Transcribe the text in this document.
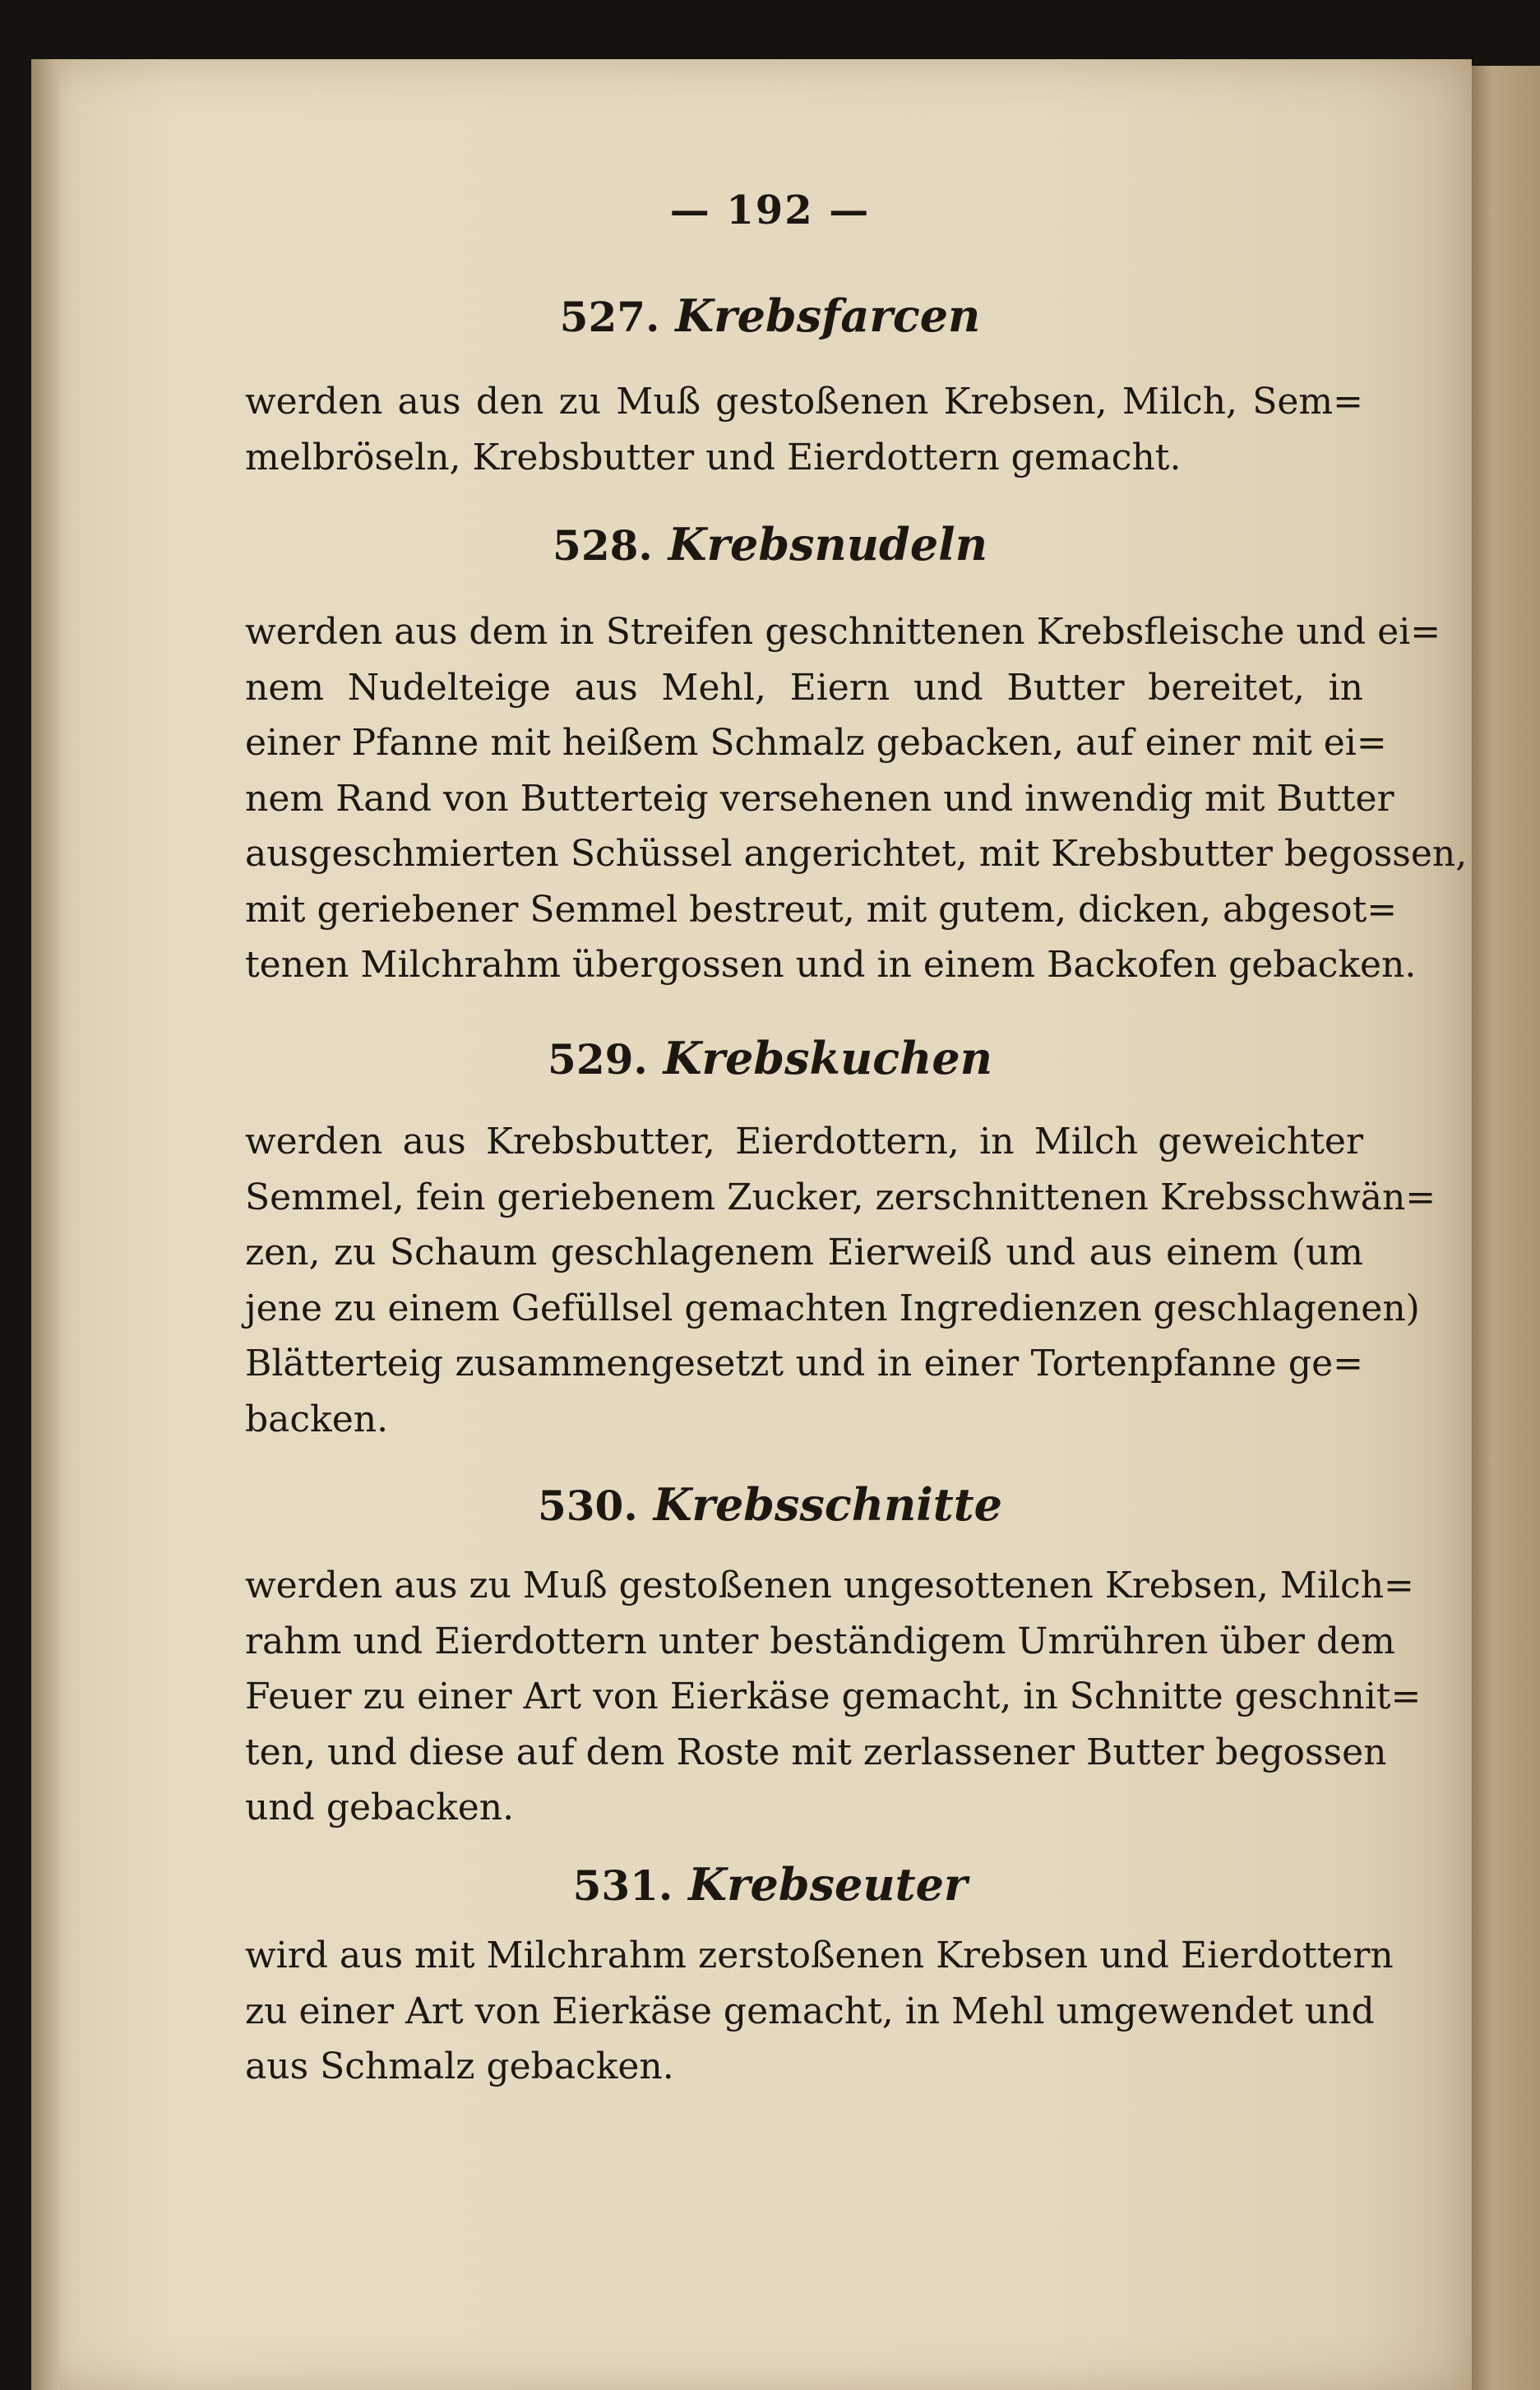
— 192 —
527. Krebsfarcen
werden aus den zu Muß gestoßenen Krebsen, Milch, Sem=
melbröseln, Krebsbutter und Eierdottern gemacht.
528. Krebsnudeln
werden aus dem in Streifen geschnittenen Krebsfleische und ei=
nem Nudelteige aus Mehl, Eiern und Butter bereitet, in
einer Pfanne mit heißem Schmalz gebacken, auf einer mit ei=
nem Rand von Butterteig versehenen und inwendig mit Butter
ausgeschmierten Schüssel angerichtet, mit Krebsbutter begossen,
mit geriebener Semmel bestreut, mit gutem, dicken, abgesot=
tenen Milchrahm übergossen und in einem Backofen gebacken.
529. Krebskuchen
werden aus Krebsbutter, Eierdottern, in Milch geweichter
Semmel, fein geriebenem Zucker, zerschnittenen Krebsschwän=
zen, zu Schaum geschlagenem Eierweiß und aus einem (um
jene zu einem Gefüllsel gemachten Ingredienzen geschlagenen)
Blätterteig zusammengesetzt und in einer Tortenpfanne ge=
backen.
530. Krebsschnitte
werden aus zu Muß gestoßenen ungesottenen Krebsen, Milch=
rahm und Eierdottern unter beständigem Umrühren über dem
Feuer zu einer Art von Eierkäse gemacht, in Schnitte geschnit=
ten, und diese auf dem Roste mit zerlassener Butter begossen
und gebacken.
531. Krebseuter
wird aus mit Milchrahm zerstoßenen Krebsen und Eierdottern
zu einer Art von Eierkäse gemacht, in Mehl umgewendet und
aus Schmalz gebacken.
